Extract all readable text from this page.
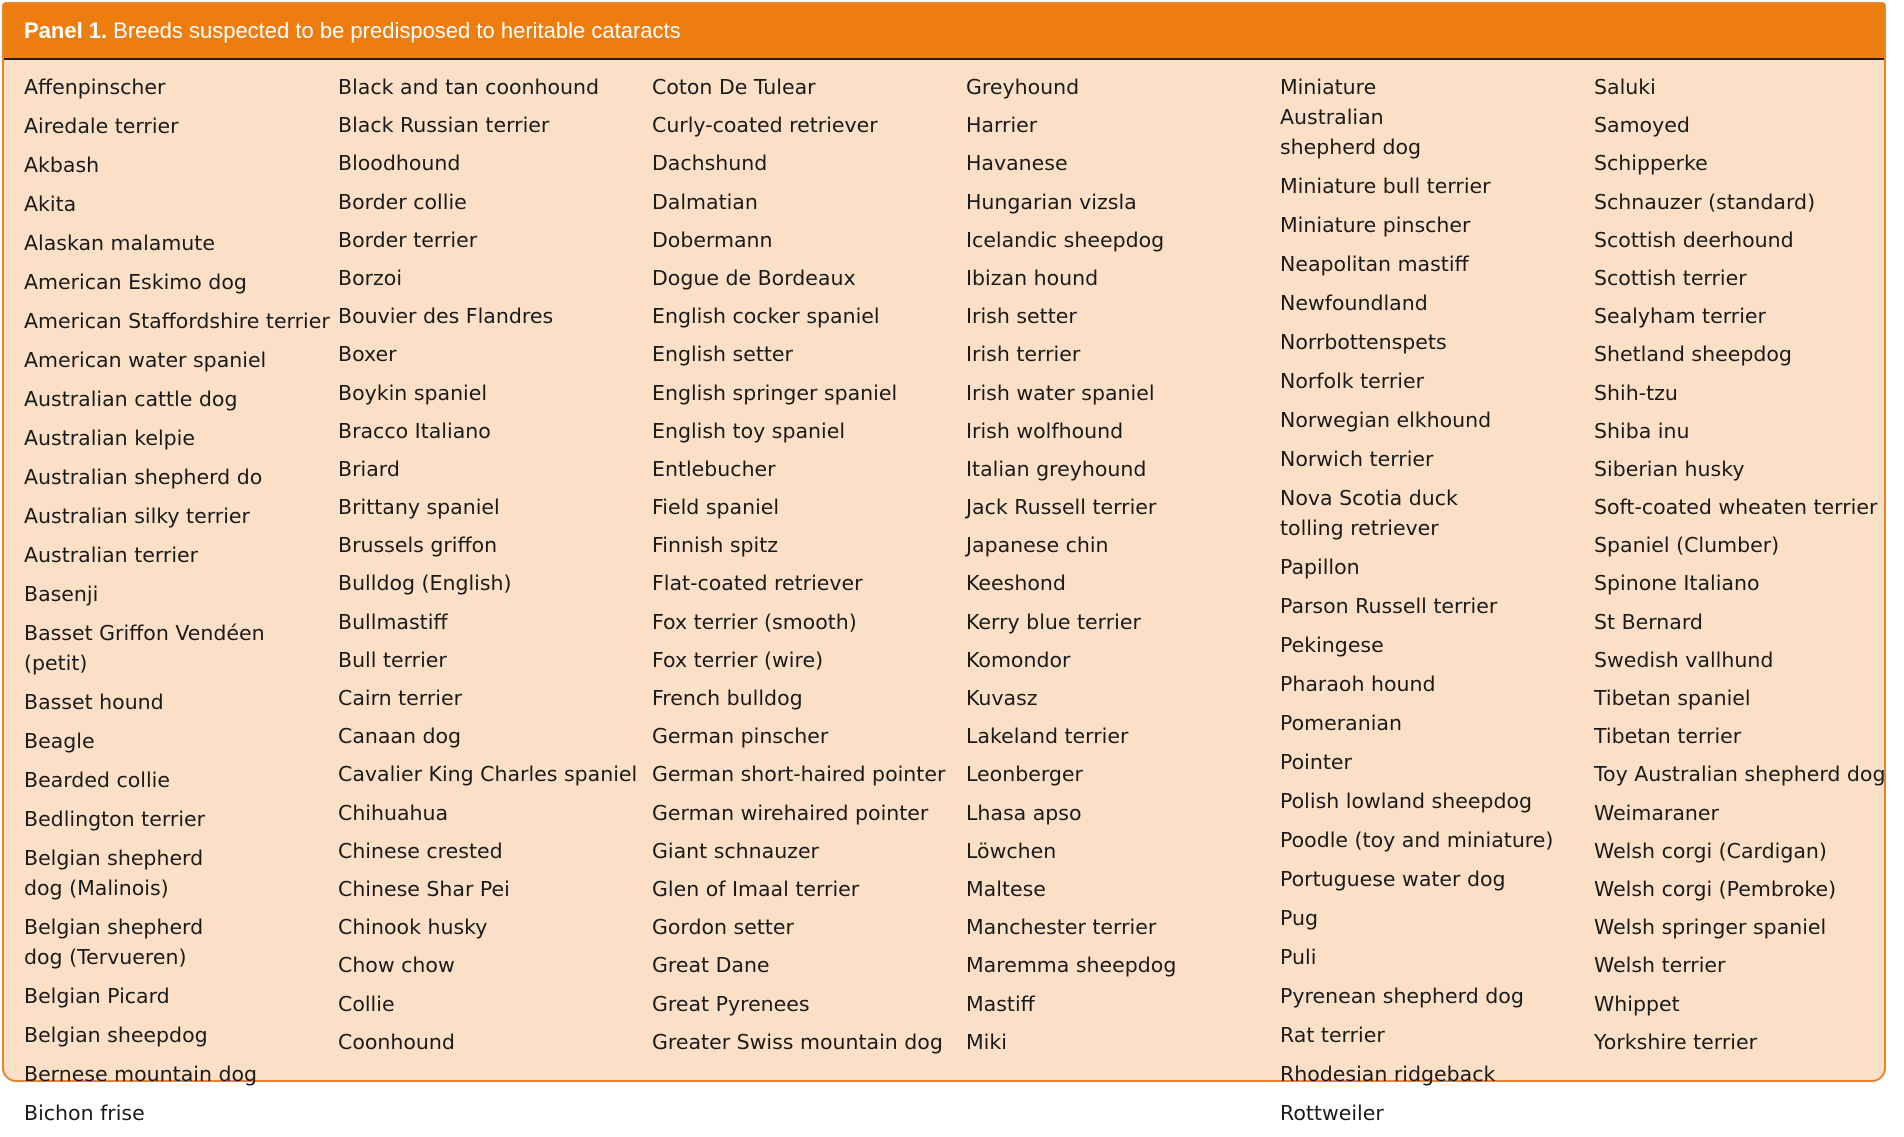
Panel 1. Breeds suspected to be predisposed to heritable cataracts
Affenpinscher
Airedale terrier
Akbash
Akita
Alaskan malamute
American Eskimo dog
American Staffordshire terrier
American water spaniel
Australian cattle dog
Australian kelpie
Australian shepherd do
Australian silky terrier
Australian terrier
Basenji
Basset Griffon Vendéen (petit)
Basset hound
Beagle
Bearded collie
Bedlington terrier
Belgian shepherd dog (Malinois)
Belgian shepherd dog (Tervueren)
Belgian Picard
Belgian sheepdog
Bernese mountain dog
Bichon frise
Black and tan coonhound
Black Russian terrier
Bloodhound
Border collie
Border terrier
Borzoi
Bouvier des Flandres
Boxer
Boykin spaniel
Bracco Italiano
Briard
Brittany spaniel
Brussels griffon
Bulldog (English)
Bullmastiff
Bull terrier
Cairn terrier
Canaan dog
Cavalier King Charles spaniel
Chihuahua
Chinese crested
Chinese Shar Pei
Chinook husky
Chow chow
Collie
Coonhound
Coton De Tulear
Curly-coated retriever
Dachshund
Dalmatian
Dobermann
Dogue de Bordeaux
English cocker spaniel
English setter
English springer spaniel
English toy spaniel
Entlebucher
Field spaniel
Finnish spitz
Flat-coated retriever
Fox terrier (smooth)
Fox terrier (wire)
French bulldog
German pinscher
German short-haired pointer
German wirehaired pointer
Giant schnauzer
Glen of Imaal terrier
Gordon setter
Great Dane
Great Pyrenees
Greater Swiss mountain dog
Greyhound
Harrier
Havanese
Hungarian vizsla
Icelandic sheepdog
Ibizan hound
Irish setter
Irish terrier
Irish water spaniel
Irish wolfhound
Italian greyhound
Jack Russell terrier
Japanese chin
Keeshond
Kerry blue terrier
Komondor
Kuvasz
Lakeland terrier
Leonberger
Lhasa apso
Löwchen
Maltese
Manchester terrier
Maremma sheepdog
Mastiff
Miki
Miniature Australian shepherd dog
Miniature bull terrier
Miniature pinscher
Neapolitan mastiff
Newfoundland
Norrbottenspets
Norfolk terrier
Norwegian elkhound
Norwich terrier
Nova Scotia duck tolling retriever
Papillon
Parson Russell terrier
Pekingese
Pharaoh hound
Pomeranian
Pointer
Polish lowland sheepdog
Poodle (toy and miniature)
Portuguese water dog
Pug
Puli
Pyrenean shepherd dog
Rat terrier
Rhodesian ridgeback
Rottweiler
Saluki
Samoyed
Schipperke
Schnauzer (standard)
Scottish deerhound
Scottish terrier
Sealyham terrier
Shetland sheepdog
Shih-tzu
Shiba inu
Siberian husky
Soft-coated wheaten terrier
Spaniel (Clumber)
Spinone Italiano
St Bernard
Swedish vallhund
Tibetan spaniel
Tibetan terrier
Toy Australian shepherd dog
Weimaraner
Welsh corgi (Cardigan)
Welsh corgi (Pembroke)
Welsh springer spaniel
Welsh terrier
Whippet
Yorkshire terrier
